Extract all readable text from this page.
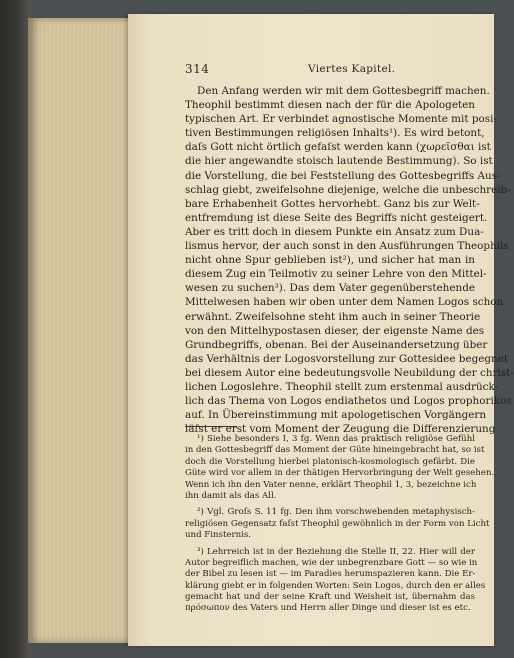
314	Viertes Kapitel.

Den Anfang werden wir mit dem Gottesbegriff machen.
Theophil bestimmt diesen nach der für die Apologeten
typischen Art. Er verbindet agnostische Momente mit posi-
tiven Bestimmungen religiösen Inhalts¹). Es wird betont,
daſs Gott nicht örtlich gefaſst werden kann (χωρεῖσθαι ist
die hier angewandte stoisch lautende Bestimmung). So ist
die Vorstellung, die bei Feststellung des Gottesbegriffs Aus-
schlag giebt, zweifelsohne diejenige, welche die unbeschreib-
bare Erhabenheit Gottes hervorhebt. Ganz bis zur Welt-
entfremdung ist diese Seite des Begriffs nicht gesteigert.
Aber es tritt doch in diesem Punkte ein Ansatz zum Dua-
lismus hervor, der auch sonst in den Ausführungen Theophils
nicht ohne Spur geblieben ist²), und sicher hat man in
diesem Zug ein Teilmotiv zu seiner Lehre von den Mittel-
wesen zu suchen³). Das dem Vater gegenüberstehende
Mittelwesen haben wir oben unter dem Namen Logos schon
erwähnt. Zweifelsohne steht ihm auch in seiner Theorie
von den Mittelhypostasen dieser, der eigenste Name des
Grundbegriffs, obenan. Bei der Auseinandersetzung über
das Verhältnis der Logosvorstellung zur Gottesidee begegnet
bei diesem Autor eine bedeutungsvolle Neubildung der christ-
lichen Logoslehre. Theophil stellt zum erstenmal ausdrück-
lich das Thema von Logos endiathetos und Logos prophorikos
auf. In Übereinstimmung mit apologetischen Vorgängern
läſst er erst vom Moment der Zeugung die Differenzierung

¹) Siehe besonders I, 3 fg. Wenn das praktisch religiöse Gefühl
in den Gottesbegriff das Moment der Güte hineingebracht hat, so ist
doch die Vorstellung hierbei platonisch-kosmologisch gefärbt. Die
Güte wird vor allem in der thätigen Hervorbringung der Welt gesehen.
Wenn ich ihn den Vater nenne, erklärt Theophil 1, 3, bezeichne ich
ihn damit als das All.
²) Vgl. Groſs S. 11 fg. Den ihm vorschwebenden metaphysisch-
religiösen Gegensatz faſst Theophil gewöhnlich in der Form von Licht
und Finsternis.
³) Lehrreich ist in der Beziehung die Stelle II, 22. Hier will der
Autor begreiflich machen, wie der unbegrenzbare Gott — so wie in
der Bibel zu lesen ist — im Paradies herumspazieren kann. Die Er-
klärung giebt er in folgenden Worten: Sein Logos, durch den er alles
gemacht hat und der seine Kraft und Weisheit ist, übernahm das
πρόσωπον des Vaters und Herrn aller Dinge und dieser ist es etc.
